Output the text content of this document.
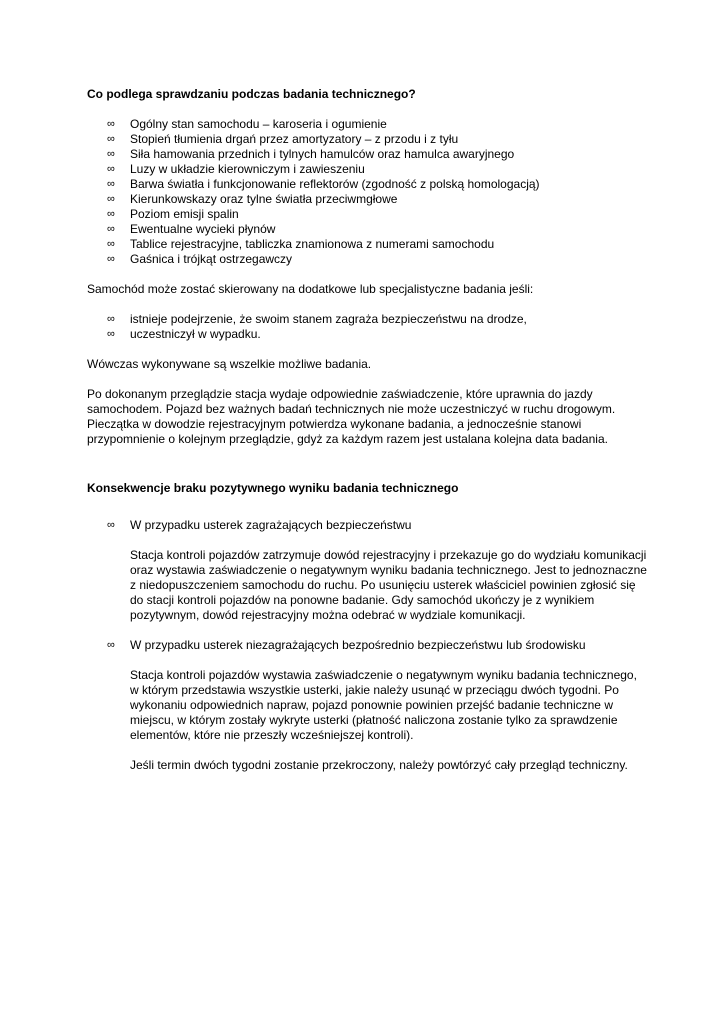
Co podlega sprawdzaniu podczas badania technicznego?
∞ Ogólny stan samochodu – karoseria i ogumienie
∞ Stopień tłumienia drgań przez amortyzatory – z przodu i z tyłu
∞ Siła hamowania przednich i tylnych hamulców oraz hamulca awaryjnego
∞ Luzy w układzie kierowniczym i zawieszeniu
∞ Barwa światła i funkcjonowanie reflektorów (zgodność z polską homologacją)
∞ Kierunkowskazy oraz tylne światła przeciwmgłowe
∞ Poziom emisji spalin
∞ Ewentualne wycieki płynów
∞ Tablice rejestracyjne, tabliczka znamionowa z numerami samochodu
∞ Gaśnica i trójkąt ostrzegawczy

Samochód może zostać skierowany na dodatkowe lub specjalistyczne badania jeśli:

∞ istnieje podejrzenie, że swoim stanem zagraża bezpieczeństwu na drodze,
∞ uczestniczył w wypadku.

Wówczas wykonywane są wszelkie możliwe badania.

Po dokonanym przeglądzie stacja wydaje odpowiednie zaświadczenie, które uprawnia do jazdy samochodem. Pojazd bez ważnych badań technicznych nie może uczestniczyć w ruchu drogowym. Pieczątka w dowodzie rejestracyjnym potwierdza wykonane badania, a jednocześnie stanowi przypomnienie o kolejnym przeglądzie, gdyż za każdym razem jest ustalana kolejna data badania.

Konsekwencje braku pozytywnego wyniku badania technicznego
∞ W przypadku usterek zagrażających bezpieczeństwu

Stacja kontroli pojazdów zatrzymuje dowód rejestracyjny i przekazuje go do wydziału komunikacji oraz wystawia zaświadczenie o negatywnym wyniku badania technicznego. Jest to jednoznaczne z niedopuszczeniem samochodu do ruchu. Po usunięciu usterek właściciel powinien zgłosić się do stacji kontroli pojazdów na ponowne badanie. Gdy samochód ukończy je z wynikiem pozytywnym, dowód rejestracyjny można odebrać w wydziale komunikacji.

∞ W przypadku usterek niezagrażających bezpośrednio bezpieczeństwu lub środowisku

Stacja kontroli pojazdów wystawia zaświadczenie o negatywnym wyniku badania technicznego, w którym przedstawia wszystkie usterki, jakie należy usunąć w przeciągu dwóch tygodni. Po wykonaniu odpowiednich napraw, pojazd ponownie powinien przejść badanie techniczne w miejscu, w którym zostały wykryte usterki (płatność naliczona zostanie tylko za sprawdzenie elementów, które nie przeszły wcześniejszej kontroli).

Jeśli termin dwóch tygodni zostanie przekroczony, należy powtórzyć cały przegląd techniczny.
